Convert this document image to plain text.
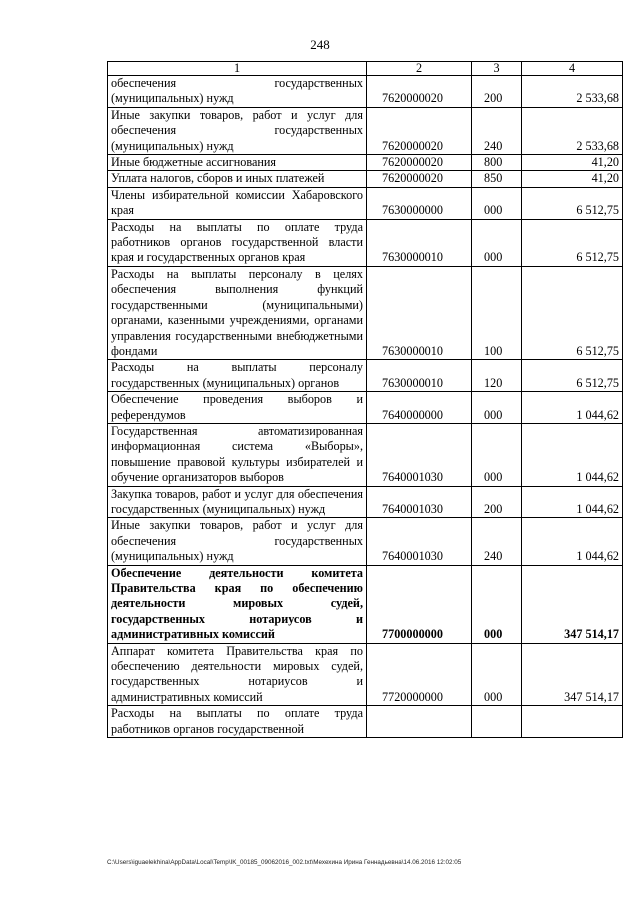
248
1	2	3	4
обеспечения государственных (муниципальных) нужд	7620000020	200	2 533,68
Иные закупки товаров, работ и услуг для обеспечения государственных (муниципальных) нужд	7620000020	240	2 533,68
Иные бюджетные ассигнования	7620000020	800	41,20
Уплата налогов, сборов и иных платежей	7620000020	850	41,20
Члены избирательной комиссии Хабаровского края	7630000000	000	6 512,75
Расходы на выплаты по оплате труда работников органов государственной власти края и государственных органов края	7630000010	000	6 512,75
Расходы на выплаты персоналу в целях обеспечения выполнения функций государственными (муниципальными) органами, казенными учреждениями, органами управления государственными внебюджетными фондами	7630000010	100	6 512,75
Расходы на выплаты персоналу государственных (муниципальных) органов	7630000010	120	6 512,75
Обеспечение проведения выборов и референдумов	7640000000	000	1 044,62
Государственная автоматизированная информационная система «Выборы», повышение правовой культуры избирателей и обучение организаторов выборов	7640001030	000	1 044,62
Закупка товаров, работ и услуг для обеспечения государственных (муниципальных) нужд	7640001030	200	1 044,62
Иные закупки товаров, работ и услуг для обеспечения государственных (муниципальных) нужд	7640001030	240	1 044,62
Обеспечение деятельности комитета Правительства края по обеспечению деятельности мировых судей, государственных нотариусов и административных комиссий	7700000000	000	347 514,17
Аппарат комитета Правительства края по обеспечению деятельности мировых судей, государственных нотариусов и административных комиссий	7720000000	000	347 514,17
Расходы на выплаты по оплате труда работников органов государственной			
C:\Users\iguaelekhina\AppData\Local\Temp\IK_00185_09062016_002.txt\Мехехина Ирина Геннадьевна\14.06.2016 12:02:05
